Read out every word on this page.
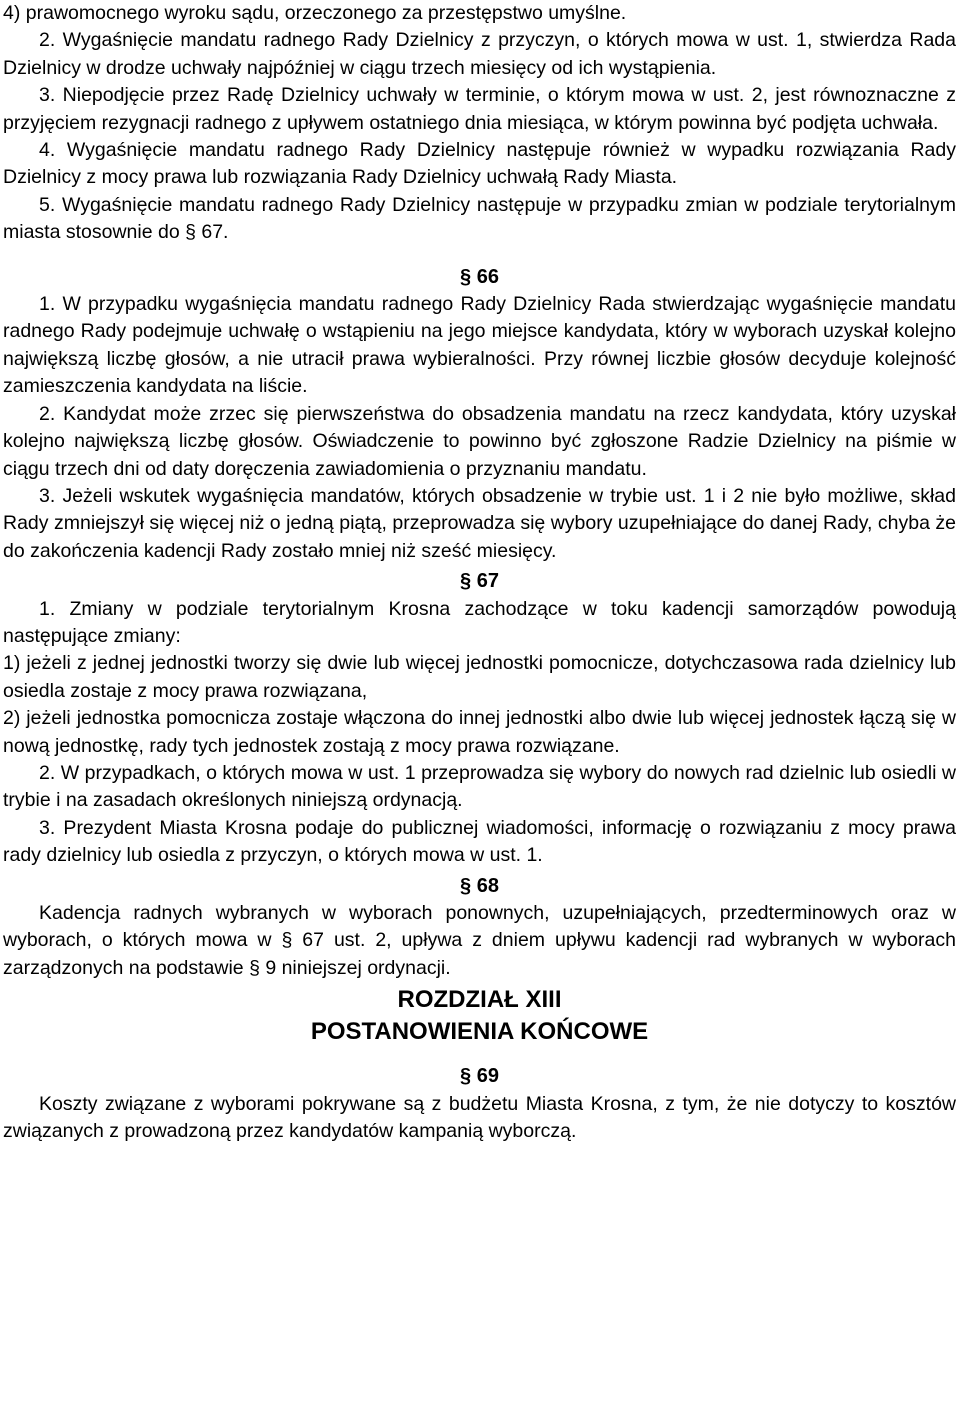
4) prawomocnego wyroku sądu, orzeczonego za przestępstwo umyślne.

2. Wygaśnięcie mandatu radnego Rady Dzielnicy z przyczyn, o których mowa w ust. 1, stwierdza Rada Dzielnicy w drodze uchwały najpóźniej w ciągu trzech miesięcy od ich wystąpienia.

3. Niepodjęcie przez Radę Dzielnicy uchwały w terminie, o którym mowa w ust. 2, jest równoznaczne z przyjęciem rezygnacji radnego z upływem ostatniego dnia miesiąca, w którym powinna być podjęta uchwała.

4. Wygaśnięcie mandatu radnego Rady Dzielnicy następuje również w wypadku rozwiązania Rady Dzielnicy z mocy prawa lub rozwiązania Rady Dzielnicy uchwałą Rady Miasta.

5. Wygaśnięcie mandatu radnego Rady Dzielnicy następuje w przypadku zmian w podziale terytorialnym miasta stosownie do § 67.

§ 66

1. W przypadku wygaśnięcia mandatu radnego Rady Dzielnicy Rada stwierdzając wygaśnięcie mandatu radnego Rady podejmuje uchwałę o wstąpieniu na jego miejsce kandydata, który w wyborach uzyskał kolejno największą liczbę głosów, a nie utracił prawa wybieralności. Przy równej liczbie głosów decyduje kolejność zamieszczenia kandydata na liście.

2. Kandydat może zrzec się pierwszeństwa do obsadzenia mandatu na rzecz kandydata, który uzyskał kolejno największą liczbę głosów. Oświadczenie to powinno być zgłoszone Radzie Dzielnicy na piśmie w ciągu trzech dni od daty doręczenia zawiadomienia o przyznaniu mandatu.

3. Jeżeli wskutek wygaśnięcia mandatów, których obsadzenie w trybie ust. 1 i 2 nie było możliwe, skład Rady zmniejszył się więcej niż o jedną piątą, przeprowadza się wybory uzupełniające do danej Rady, chyba że do zakończenia kadencji Rady zostało mniej niż sześć miesięcy.

§ 67

1. Zmiany w podziale terytorialnym Krosna zachodzące w toku kadencji samorządów powodują następujące zmiany:

1) jeżeli z jednej jednostki tworzy się dwie lub więcej jednostki pomocnicze, dotychczasowa rada dzielnicy lub osiedla zostaje z mocy prawa rozwiązana,

2) jeżeli jednostka pomocnicza zostaje włączona do innej jednostki albo dwie lub więcej jednostek łączą się w nową jednostkę, rady tych jednostek zostają z mocy prawa rozwiązane.

2. W przypadkach, o których mowa w ust. 1 przeprowadza się wybory do nowych rad dzielnic lub osiedli w trybie i na zasadach określonych niniejszą ordynacją.

3. Prezydent Miasta Krosna podaje do publicznej wiadomości, informację o rozwiązaniu z mocy prawa rady dzielnicy lub osiedla z przyczyn, o których mowa w ust. 1.

§ 68

Kadencja radnych wybranych w wyborach ponownych, uzupełniających, przedterminowych oraz w wyborach, o których mowa w § 67 ust. 2, upływa z dniem upływu kadencji rad wybranych w wyborach zarządzonych na podstawie § 9 niniejszej ordynacji.

ROZDZIAŁ XIII

POSTANOWIENIA KOŃCOWE

§ 69

Koszty związane z wyborami pokrywane są z budżetu Miasta Krosna, z tym, że nie dotyczy to kosztów związanych z prowadzoną przez kandydatów kampanią wyborczą.
